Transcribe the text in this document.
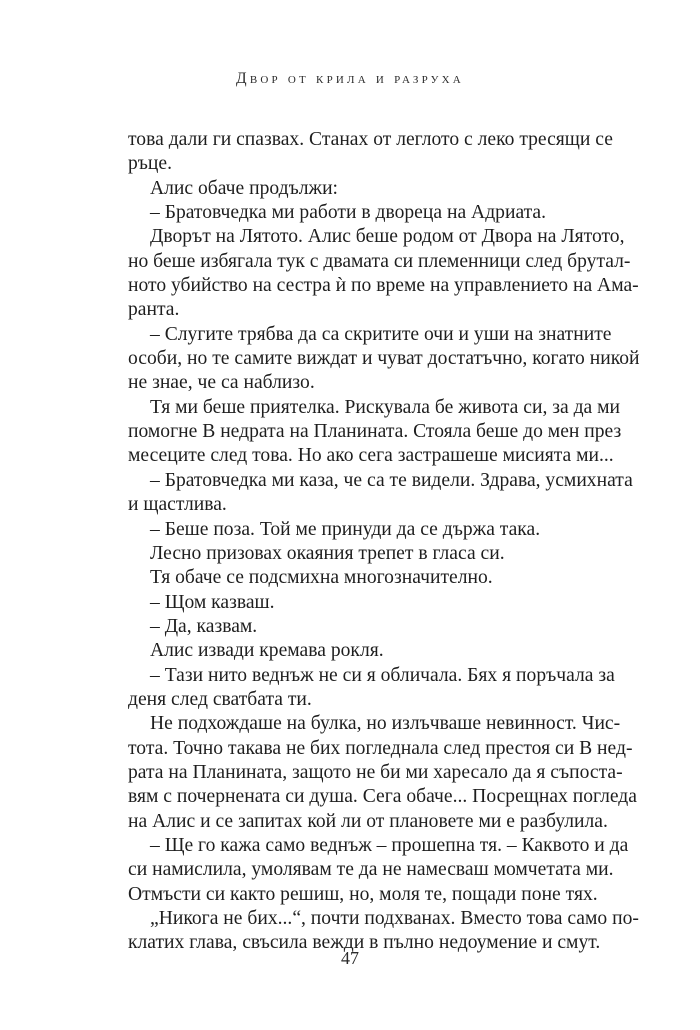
Двор от крила и разруха
това дали ги спазвах. Станах от леглото с леко тресящи се
ръце.
Алис обаче продължи:
– Братовчедка ми работи в двореца на Адриата.
Дворът на Лятото. Алис беше родом от Двора на Лятото,
но беше избягала тук с двамата си племенници след брутал-
ното убийство на сестра ѝ по време на управлението на Ама-
ранта.
– Слугите трябва да са скритите очи и уши на знатните
особи, но те самите виждат и чуват достатъчно, когато никой
не знае, че са наблизо.
Тя ми беше приятелка. Рискувала бе живота си, за да ми
помогне В недрата на Планината. Стояла беше до мен през
месеците след това. Но ако сега застрашеше мисията ми...
– Братовчедка ми каза, че са те видели. Здрава, усмихната
и щастлива.
– Беше поза. Той ме принуди да се държа така.
Лесно призовах окаяния трепет в гласа си.
Тя обаче се подсмихна многозначително.
– Щом казваш.
– Да, казвам.
Алис извади кремава рокля.
– Тази нито веднъж не си я обличала. Бях я поръчала за
деня след сватбата ти.
Не подхождаше на булка, но излъчваше невинност. Чис-
тота. Точно такава не бих погледнала след престоя си В нед-
рата на Планината, защото не би ми харесало да я съпоста-
вям с почернената си душа. Сега обаче... Посрещнах погледа
на Алис и се запитах кой ли от плановете ми е разбулила.
– Ще го кажа само веднъж – прошепна тя. – Каквото и да
си намислила, умолявам те да не намесваш момчетата ми.
Отмъсти си както решиш, но, моля те, пощади поне тях.
„Никога не бих...“, почти подхванах. Вместо това само по-
клатих глава, свъсила вежди в пълно недоумение и смут.
47
